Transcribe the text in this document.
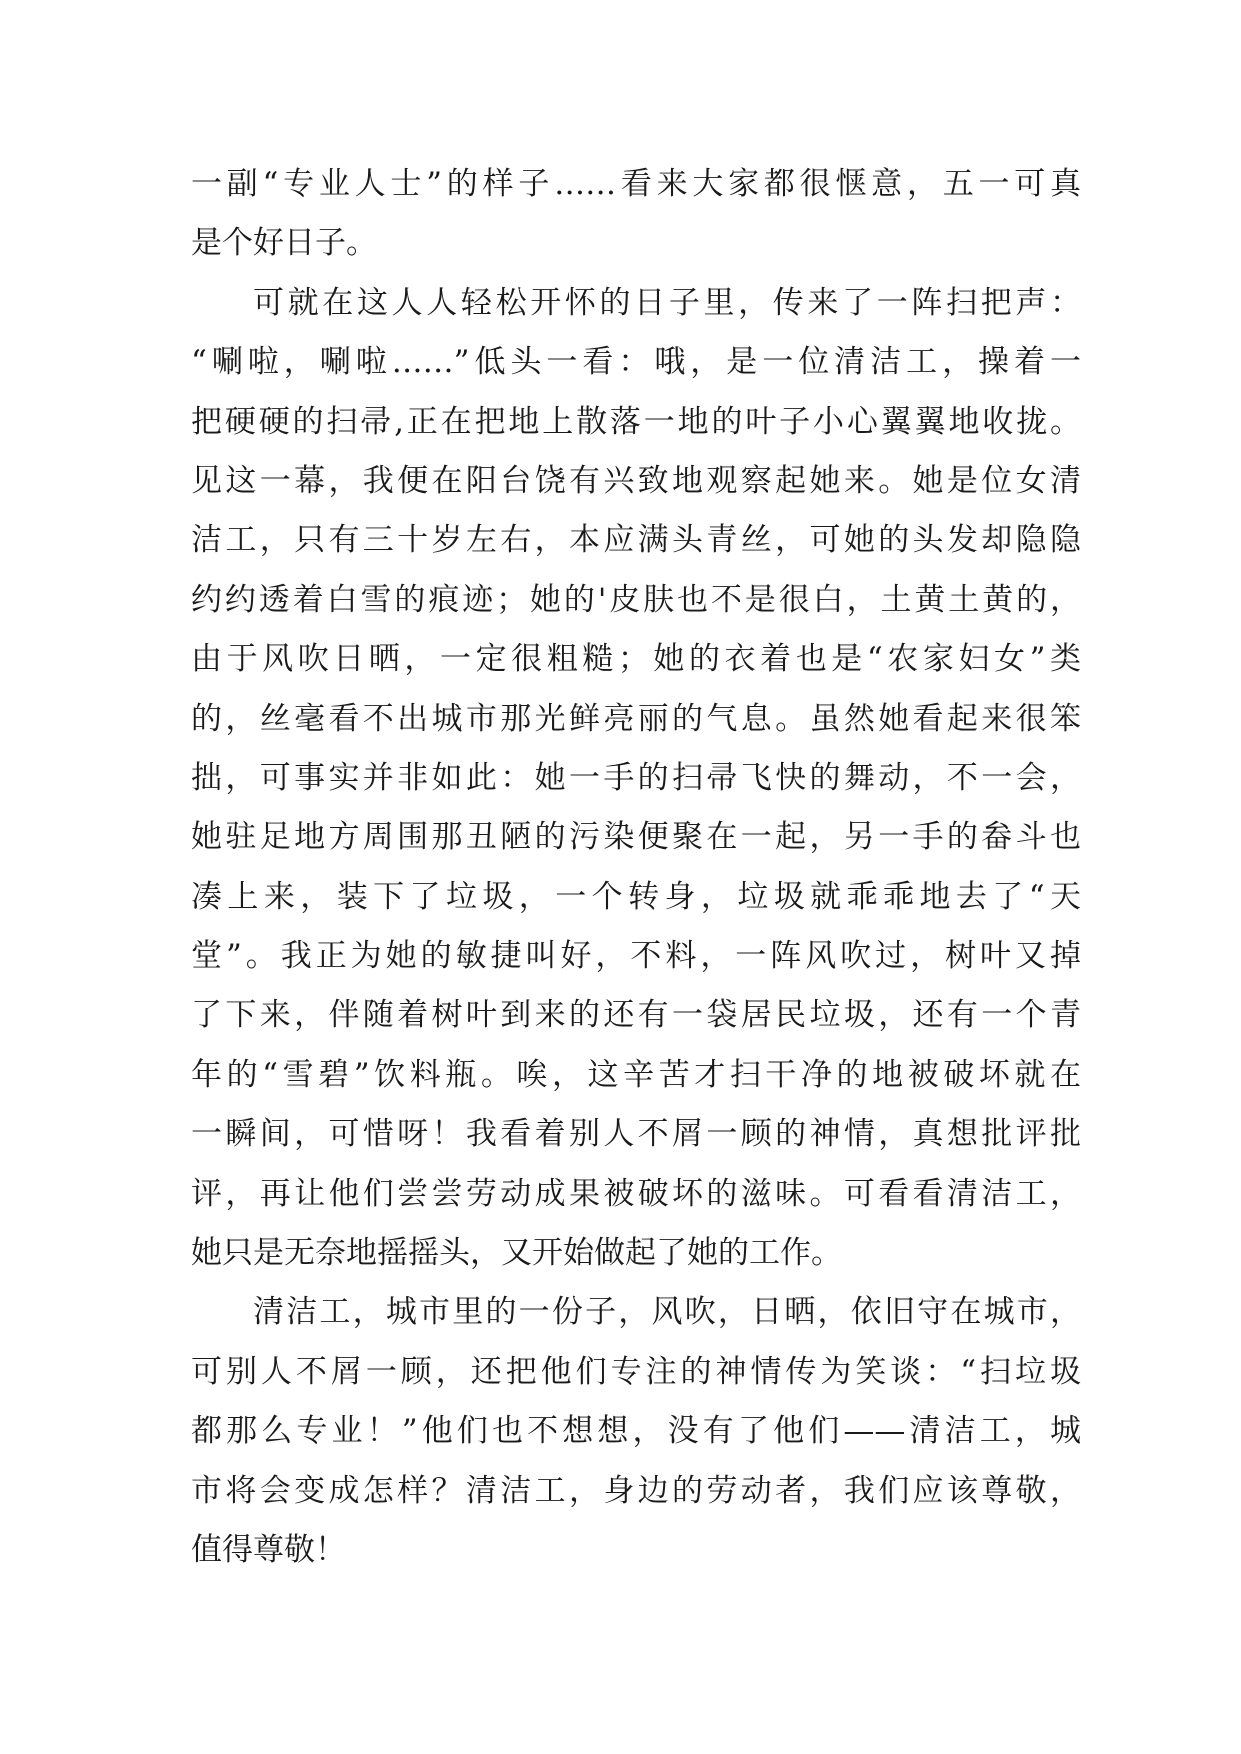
一副“专业人士”的样子……看来大家都很惬意，五一可真
是个好日子。
可就在这人人轻松开怀的日子里，传来了一阵扫把声：
“唰啦，唰啦……”低头一看：哦，是一位清洁工，操着一
把硬硬的扫帚,正在把地上散落一地的叶子小心翼翼地收拢。
见这一幕，我便在阳台饶有兴致地观察起她来。她是位女清
洁工，只有三十岁左右，本应满头青丝，可她的头发却隐隐
约约透着白雪的痕迹；她的'皮肤也不是很白，土黄土黄的，
由于风吹日晒，一定很粗糙；她的衣着也是“农家妇女”类
的，丝毫看不出城市那光鲜亮丽的气息。虽然她看起来很笨
拙，可事实并非如此：她一手的扫帚飞快的舞动，不一会，
她驻足地方周围那丑陋的污染便聚在一起，另一手的畚斗也
凑上来，装下了垃圾，一个转身，垃圾就乖乖地去了“天
堂”。我正为她的敏捷叫好，不料，一阵风吹过，树叶又掉
了下来，伴随着树叶到来的还有一袋居民垃圾，还有一个青
年的“雪碧”饮料瓶。唉，这辛苦才扫干净的地被破坏就在
一瞬间，可惜呀！我看着别人不屑一顾的神情，真想批评批
评，再让他们尝尝劳动成果被破坏的滋味。可看看清洁工，
她只是无奈地摇摇头，又开始做起了她的工作。
清洁工，城市里的一份子，风吹，日晒，依旧守在城市，
可别人不屑一顾，还把他们专注的神情传为笑谈：“扫垃圾
都那么专业！”他们也不想想，没有了他们——清洁工，城
市将会变成怎样？清洁工，身边的劳动者，我们应该尊敬，
值得尊敬！
